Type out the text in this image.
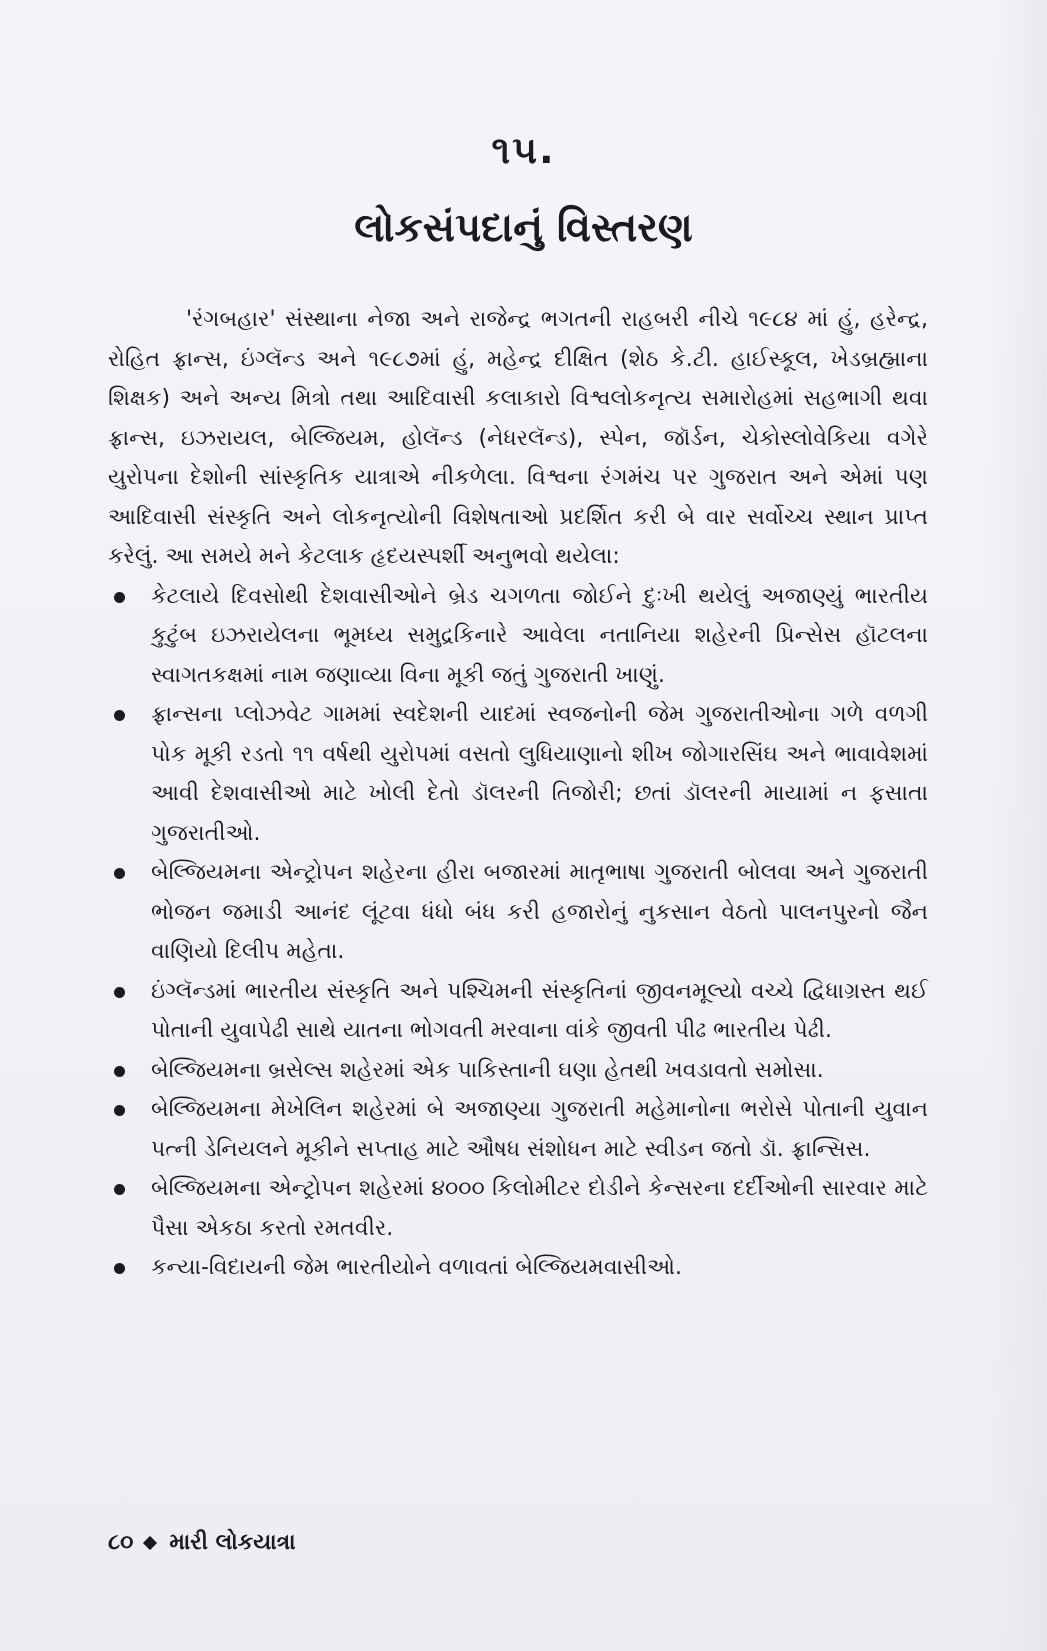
૧૫.
લોકસંપદાનું વિસ્તરણ

'રંગબહાર' સંસ્થાના નેજા અને રાજેન્દ્ર ભગતની રાહબરી નીચે ૧૯૮૪ માં હું, હરેન્દ્ર, રોહિત ફ્રાન્સ, ઇંગ્લૅન્ડ અને ૧૯૮૭માં હું, મહેન્દ્ર દીક્ષિત (શેઠ કે.ટી. હાઈસ્કૂલ, ખેડબ્રહ્માના શિક્ષક) અને અન્ય મિત્રો તથા આદિવાસી કલાકારો વિશ્વલોકનૃત્ય સમારોહમાં સહભાગી થવા ફ્રાન્સ, ઇઝરાયલ, બેલ્જિયમ, હોલૅન્ડ (નેધરલૅન્ડ), સ્પેન, જૉર્ડન, ચેકોસ્લોવેકિયા વગેરે યુરોપના દેશોની સાંસ્કૃતિક યાત્રાએ નીકળેલા. વિશ્વના રંગમંચ પર ગુજરાત અને એમાં પણ આદિવાસી સંસ્કૃતિ અને લોકનૃત્યોની વિશેષતાઓ પ્રદર્શિત કરી બે વાર સર્વોચ્ચ સ્થાન પ્રાપ્ત કરેલું. આ સમયે મને કેટલાક હૃદયસ્પર્શી અનુભવો થયેલા:

કેટલાયે દિવસોથી દેશવાસીઓને બ્રેડ ચગળતા જોઈને દુઃખી થયેલું અજાણ્યું ભારતીય કુટુંબ ઇઝરાયેલના ભૂમધ્ય સમુદ્રકિનારે આવેલા નતાનિયા શહેરની પ્રિન્સેસ હૉટલના સ્વાગતકક્ષમાં નામ જણાવ્યા વિના મૂકી જતું ગુજરાતી ખાણું.
ફ્રાન્સના પ્લોઝવેટ ગામમાં સ્વદેશની યાદમાં સ્વજનોની જેમ ગુજરાતીઓના ગળે વળગી પોક મૂકી રડતો ૧૧ વર્ષથી યુરોપમાં વસતો લુધિયાણાનો શીખ જોગારસિંઘ અને ભાવાવેશમાં આવી દેશવાસીઓ માટે ખોલી દેતો ડૉલરની તિજોરી; છતાં ડૉલરની માયામાં ન ફસાતા ગુજરાતીઓ.
બેલ્જિયમના એન્ટ્રોપન શહેરના હીરા બજારમાં માતૃભાષા ગુજરાતી બોલવા અને ગુજરાતી ભોજન જમાડી આનંદ લૂંટવા ધંધો બંધ કરી હજારોનું નુકસાન વેઠતો પાલનપુરનો જૈન વાણિયો દિલીપ મહેતા.
ઇંગ્લૅન્ડમાં ભારતીય સંસ્કૃતિ અને પશ્ચિમની સંસ્કૃતિનાં જીવનમૂલ્યો વચ્ચે દ્વિધાગ્રસ્ત થઈ પોતાની યુવાપેઢી સાથે યાતના ભોગવતી મરવાના વાંકે જીવતી પીઢ ભારતીય પેઢી.
બેલ્જિયમના બ્રસેલ્સ શહેરમાં એક પાકિસ્તાની ઘણા હેતથી ખવડાવતો સમોસા.
બેલ્જિયમના મેખેલિન શહેરમાં બે અજાણ્યા ગુજરાતી મહેમાનોના ભરોસે પોતાની યુવાન પત્ની ડેનિયલને મૂકીને સપ્તાહ માટે ઔષધ સંશોધન માટે સ્વીડન જતો ડૉ. ફ્રાન્સિસ.
બેલ્જિયમના એન્ટ્રોપન શહેરમાં ૪૦૦૦ કિલોમીટર દોડીને કેન્સરના દર્દીઓની સારવાર માટે પૈસા એકઠા કરતો રમતવીર.
કન્યા-વિદાયની જેમ ભારતીયોને વળાવતાં બેલ્જિયમવાસીઓ.
૮૦ મારી લોકયાત્રા
